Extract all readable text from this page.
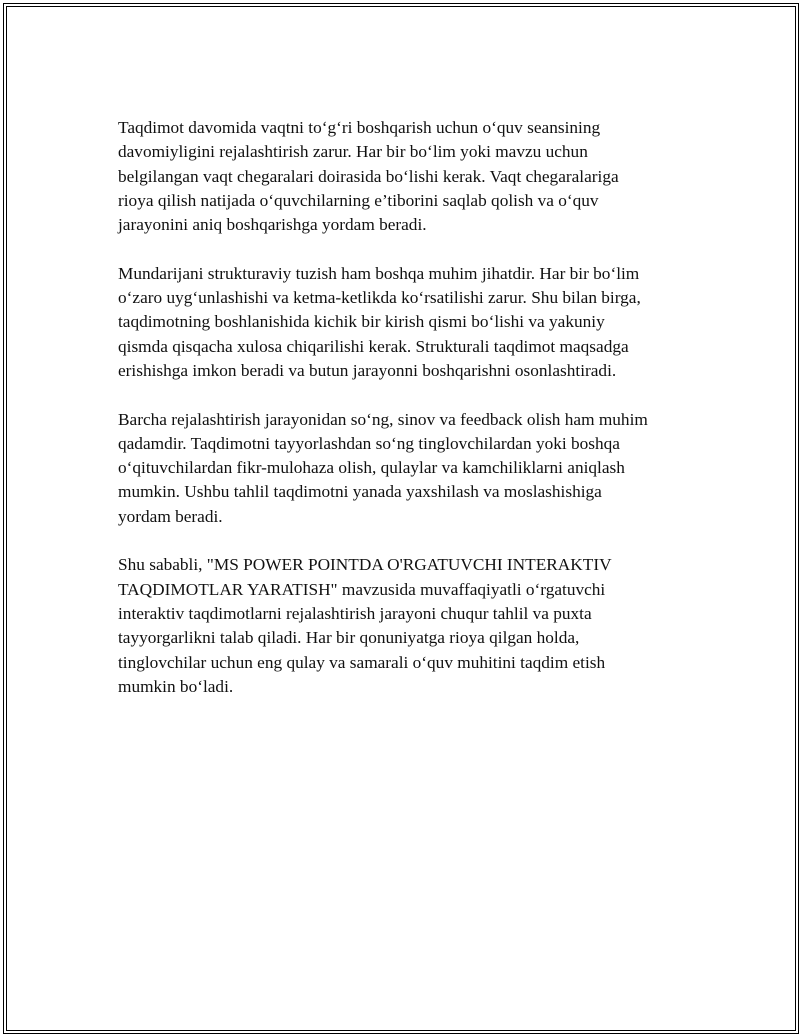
Taqdimot davomida vaqtni to‘g‘ri boshqarish uchun o‘quv seansining
davomiyligini rejalashtirish zarur. Har bir bo‘lim yoki mavzu uchun
belgilangan vaqt chegaralari doirasida bo‘lishi kerak. Vaqt chegaralariga
rioya qilish natijada o‘quvchilarning e’tiborini saqlab qolish va o‘quv
jarayonini aniq boshqarishga yordam beradi.

Mundarijani strukturaviy tuzish ham boshqa muhim jihatdir. Har bir bo‘lim
o‘zaro uyg‘unlashishi va ketma-ketlikda ko‘rsatilishi zarur. Shu bilan birga,
taqdimotning boshlanishida kichik bir kirish qismi bo‘lishi va yakuniy
qismda qisqacha xulosa chiqarilishi kerak. Strukturali taqdimot maqsadga
erishishga imkon beradi va butun jarayonni boshqarishni osonlashtiradi.

Barcha rejalashtirish jarayonidan so‘ng, sinov va feedback olish ham muhim
qadamdir. Taqdimotni tayyorlashdan so‘ng tinglovchilardan yoki boshqa
o‘qituvchilardan fikr-mulohaza olish, qulaylar va kamchiliklarni aniqlash
mumkin. Ushbu tahlil taqdimotni yanada yaxshilash va moslashishiga
yordam beradi.

Shu sababli, "MS POWER POINTDA O'RGATUVCHI INTERAKTIV
TAQDIMOTLAR YARATISH" mavzusida muvaffaqiyatli o‘rgatuvchi
interaktiv taqdimotlarni rejalashtirish jarayoni chuqur tahlil va puxta
tayyorgarlikni talab qiladi. Har bir qonuniyatga rioya qilgan holda,
tinglovchilar uchun eng qulay va samarali o‘quv muhitini taqdim etish
mumkin bo‘ladi.
